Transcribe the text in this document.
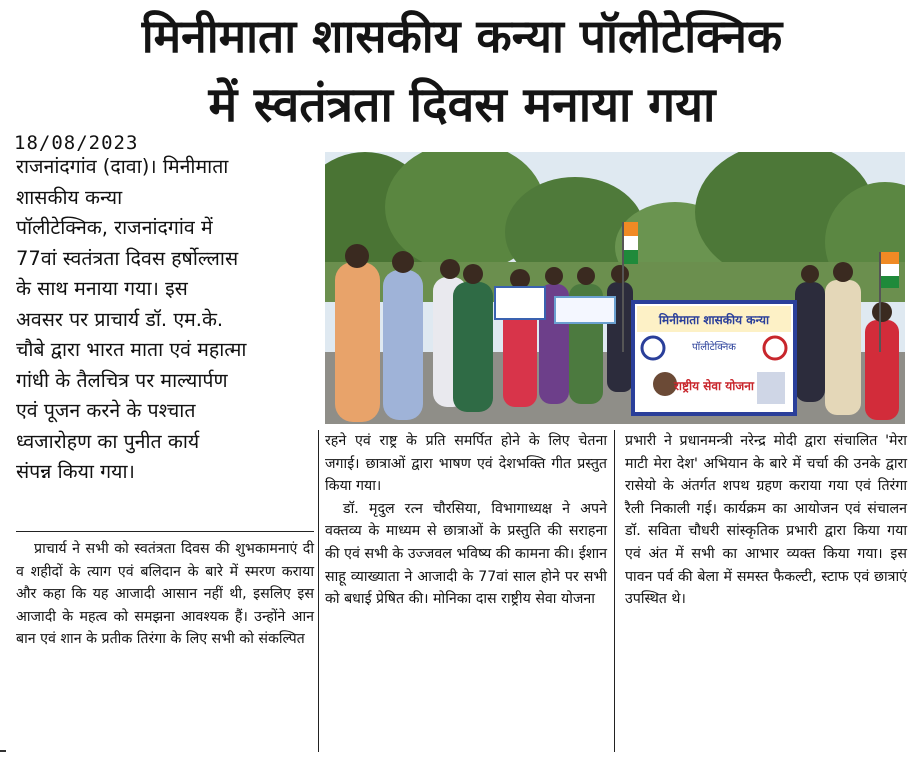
मिनीमाता शासकीय कन्या पॉलीटेक्निक
में स्वतंत्रता दिवस मनाया गया
18/08/2023

राजनांदगांव (दावा)। मिनीमाता

शासकीय कन्या

पॉलीटेक्निक, राजनांदगांव में

77वां स्वतंत्रता दिवस हर्षोल्लास

के साथ मनाया गया। इस

अवसर पर प्राचार्य डॉ. एम.के.

चौबे द्वारा भारत माता एवं महात्मा

गांधी के तैलचित्र पर माल्यार्पण

एवं पूजन करने के पश्चात

ध्वजारोहण का पुनीत कार्य

संपन्न किया गया।

प्राचार्य ने सभी को स्वतंत्रता दिवस की शुभकामनाएं दी व शहीदों के त्याग एवं बलिदान के बारे में स्मरण कराया और कहा कि यह आजादी आसान नहीं थी, इसलिए इस आजादी के महत्व को समझना आवश्यक हैं। उन्होंने आन बान एवं शान के प्रतीक तिरंगा के लिए सभी को संकल्पित

रहने एवं राष्ट्र के प्रति समर्पित होने के लिए चेतना जगाई। छात्राओं द्वारा भाषण एवं देशभक्ति गीत प्रस्तुत किया गया।

डॉ. मृदुल रत्न चौरसिया, विभागाध्यक्ष ने अपने वक्तव्य के माध्यम से छात्राओं के प्रस्तुति की सराहना की एवं सभी के उज्जवल भविष्य की कामना की। ईशान साहू व्याख्याता ने आजादी के 77वां साल होने पर सभी को बधाई प्रेषित की। मोनिका दास राष्ट्रीय सेवा योजना

प्रभारी ने प्रधानमन्त्री नरेन्द्र मोदी द्वारा संचालित 'मेरा माटी मेरा देश' अभियान के बारे में चर्चा की उनके द्वारा रासेयो के अंतर्गत शपथ ग्रहण कराया गया एवं तिरंगा रैली निकाली गई। कार्यक्रम का आयोजन एवं संचालन डॉ. सविता चौधरी सांस्कृतिक प्रभारी द्वारा किया गया एवं अंत में सभी का आभार व्यक्त किया गया। इस पावन पर्व की बेला में समस्त फैकल्टी, स्टाफ एवं छात्राएं उपस्थित थे।

मिनीमाता शासकीय कन्या
पॉलीटेक्निक
राष्ट्रीय सेवा योजना
